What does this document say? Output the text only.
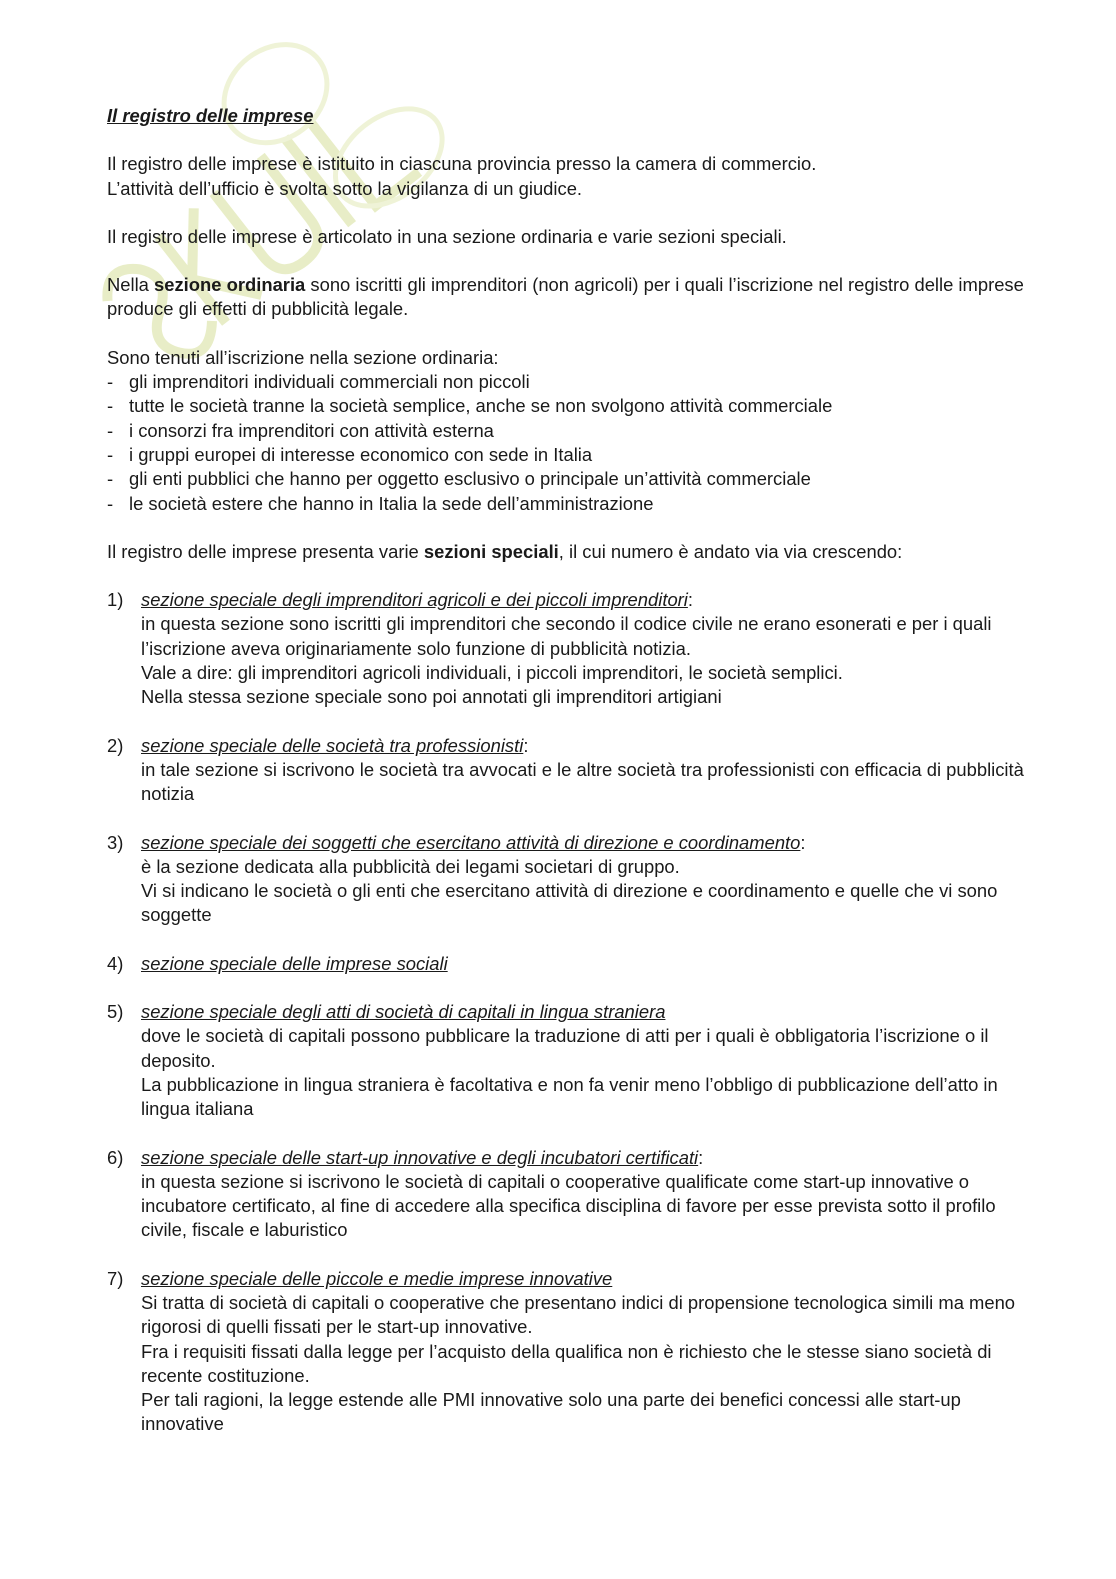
Il registro delle imprese

Il registro delle imprese è istituito in ciascuna provincia presso la camera di commercio.
L’attività dell’ufficio è svolta sotto la vigilanza di un giudice.

Il registro delle imprese è articolato in una sezione ordinaria e varie sezioni speciali.

Nella sezione ordinaria sono iscritti gli imprenditori (non agricoli) per i quali l’iscrizione nel registro delle imprese produce gli effetti di pubblicità legale.

Sono tenuti all’iscrizione nella sezione ordinaria:

- gli imprenditori individuali commerciali non piccoli
- tutte le società tranne la società semplice, anche se non svolgono attività commerciale
- i consorzi fra imprenditori con attività esterna
- i gruppi europei di interesse economico con sede in Italia
- gli enti pubblici che hanno per oggetto esclusivo o principale un’attività commerciale
- le società estere che hanno in Italia la sede dell’amministrazione

Il registro delle imprese presenta varie sezioni speciali, il cui numero è andato via via crescendo:

1) sezione speciale degli imprenditori agricoli e dei piccoli imprenditori:
in questa sezione sono iscritti gli imprenditori che secondo il codice civile ne erano esonerati e per i quali l’iscrizione aveva originariamente solo funzione di pubblicità notizia.
Vale a dire: gli imprenditori agricoli individuali, i piccoli imprenditori, le società semplici.
Nella stessa sezione speciale sono poi annotati gli imprenditori artigiani
2) sezione speciale delle società tra professionisti:
in tale sezione si iscrivono le società tra avvocati e le altre società tra professionisti con efficacia di pubblicità notizia
3) sezione speciale dei soggetti che esercitano attività di direzione e coordinamento:
è la sezione dedicata alla pubblicità dei legami societari di gruppo.
Vi si indicano le società o gli enti che esercitano attività di direzione e coordinamento e quelle che vi sono soggette
4) sezione speciale delle imprese sociali
5) sezione speciale degli atti di società di capitali in lingua straniera
dove le società di capitali possono pubblicare la traduzione di atti per i quali è obbligatoria l’iscrizione o il deposito.
La pubblicazione in lingua straniera è facoltativa e non fa venir meno l’obbligo di pubblicazione dell’atto in lingua italiana
6) sezione speciale delle start-up innovative e degli incubatori certificati:
in questa sezione si iscrivono le società di capitali o cooperative qualificate come start-up innovative o incubatore certificato, al fine di accedere alla specifica disciplina di favore per esse prevista sotto il profilo civile, fiscale e laburistico
7) sezione speciale delle piccole e medie imprese innovative
Si tratta di società di capitali o cooperative che presentano indici di propensione tecnologica simili ma meno rigorosi di quelli fissati per le start-up innovative.
Fra i requisiti fissati dalla legge per l’acquisto della qualifica non è richiesto che le stesse siano società di recente costituzione.
Per tali ragioni, la legge estende alle PMI innovative solo una parte dei benefici concessi alle start-up innovative
